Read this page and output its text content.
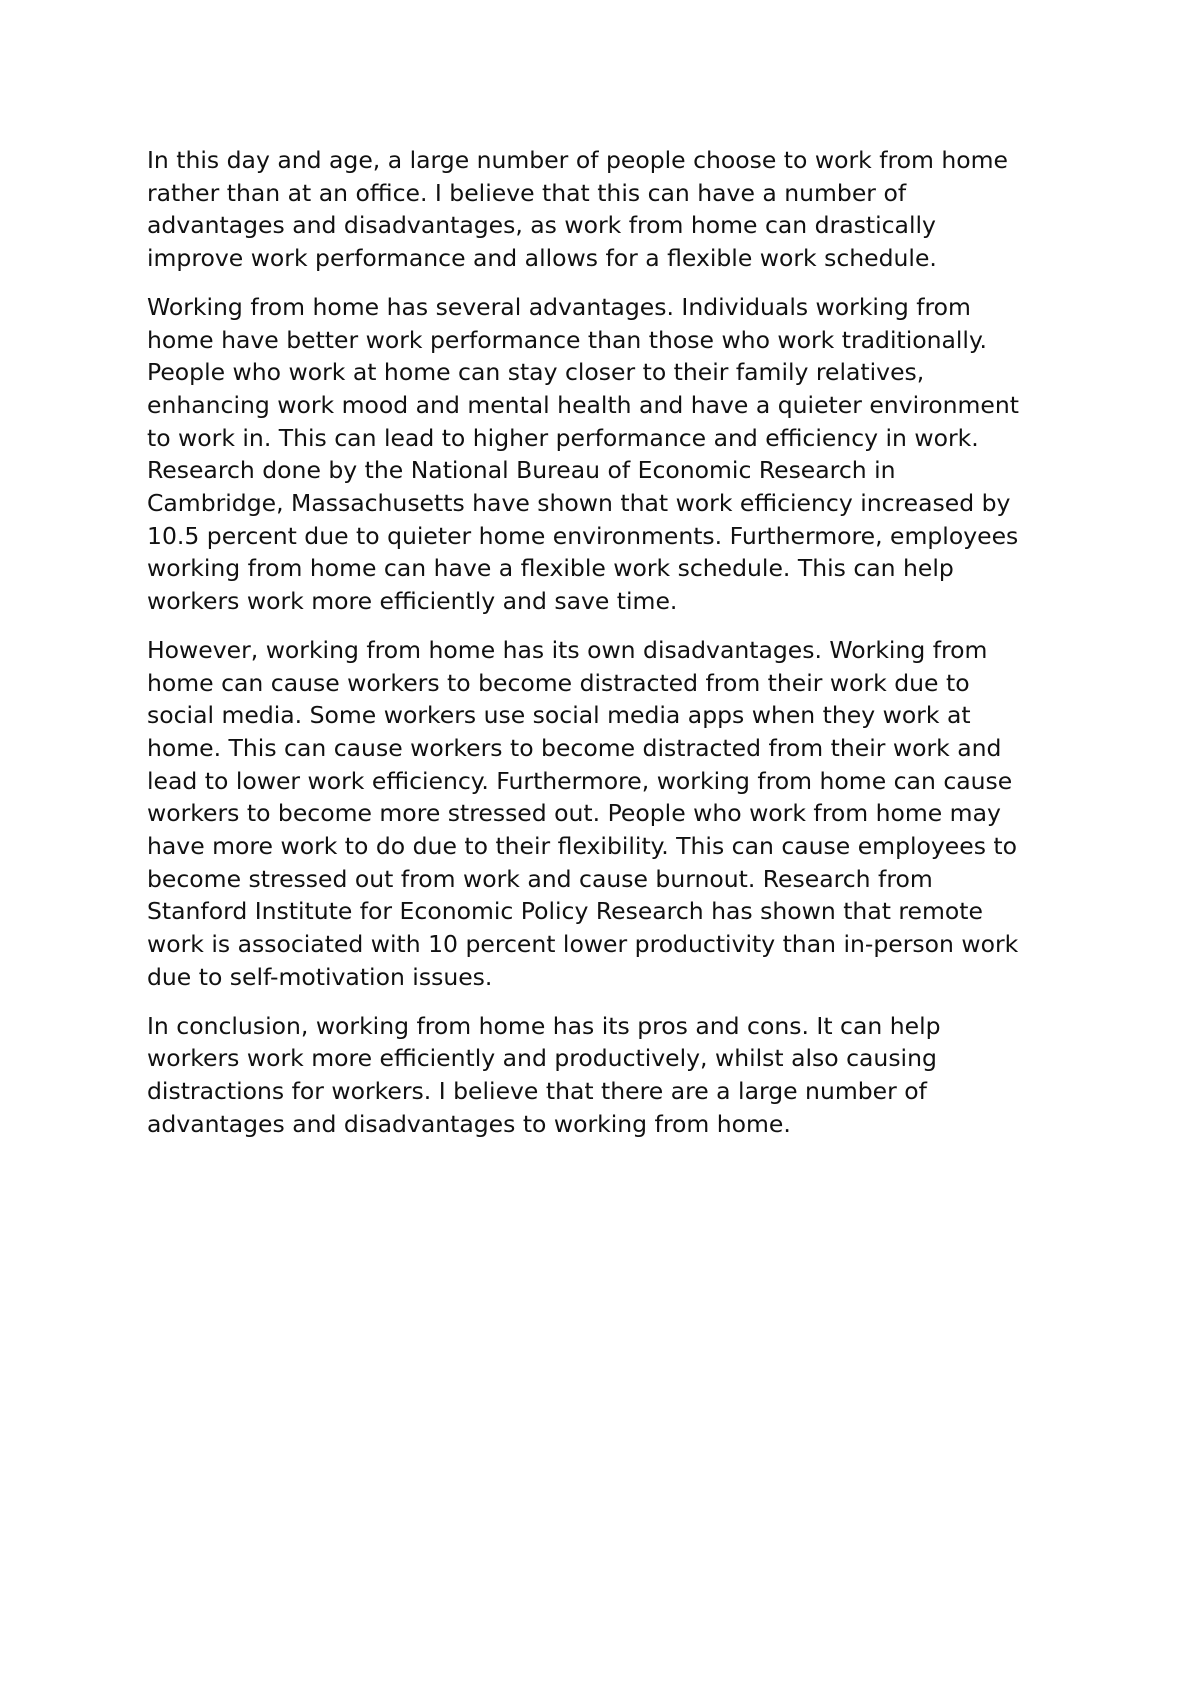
In this day and age, a large number of people choose to work from home
rather than at an office. I believe that this can have a number of
advantages and disadvantages, as work from home can drastically
improve work performance and allows for a flexible work schedule.

Working from home has several advantages. Individuals working from
home have better work performance than those who work traditionally.
People who work at home can stay closer to their family relatives,
enhancing work mood and mental health and have a quieter environment
to work in. This can lead to higher performance and efficiency in work.
Research done by the National Bureau of Economic Research in
Cambridge, Massachusetts have shown that work efficiency increased by
10.5 percent due to quieter home environments. Furthermore, employees
working from home can have a flexible work schedule. This can help
workers work more efficiently and save time.

However, working from home has its own disadvantages. Working from
home can cause workers to become distracted from their work due to
social media. Some workers use social media apps when they work at
home. This can cause workers to become distracted from their work and
lead to lower work efficiency. Furthermore, working from home can cause
workers to become more stressed out. People who work from home may
have more work to do due to their flexibility. This can cause employees to
become stressed out from work and cause burnout. Research from
Stanford Institute for Economic Policy Research has shown that remote
work is associated with 10 percent lower productivity than in-person work
due to self-motivation issues.

In conclusion, working from home has its pros and cons. It can help
workers work more efficiently and productively, whilst also causing
distractions for workers. I believe that there are a large number of
advantages and disadvantages to working from home.
